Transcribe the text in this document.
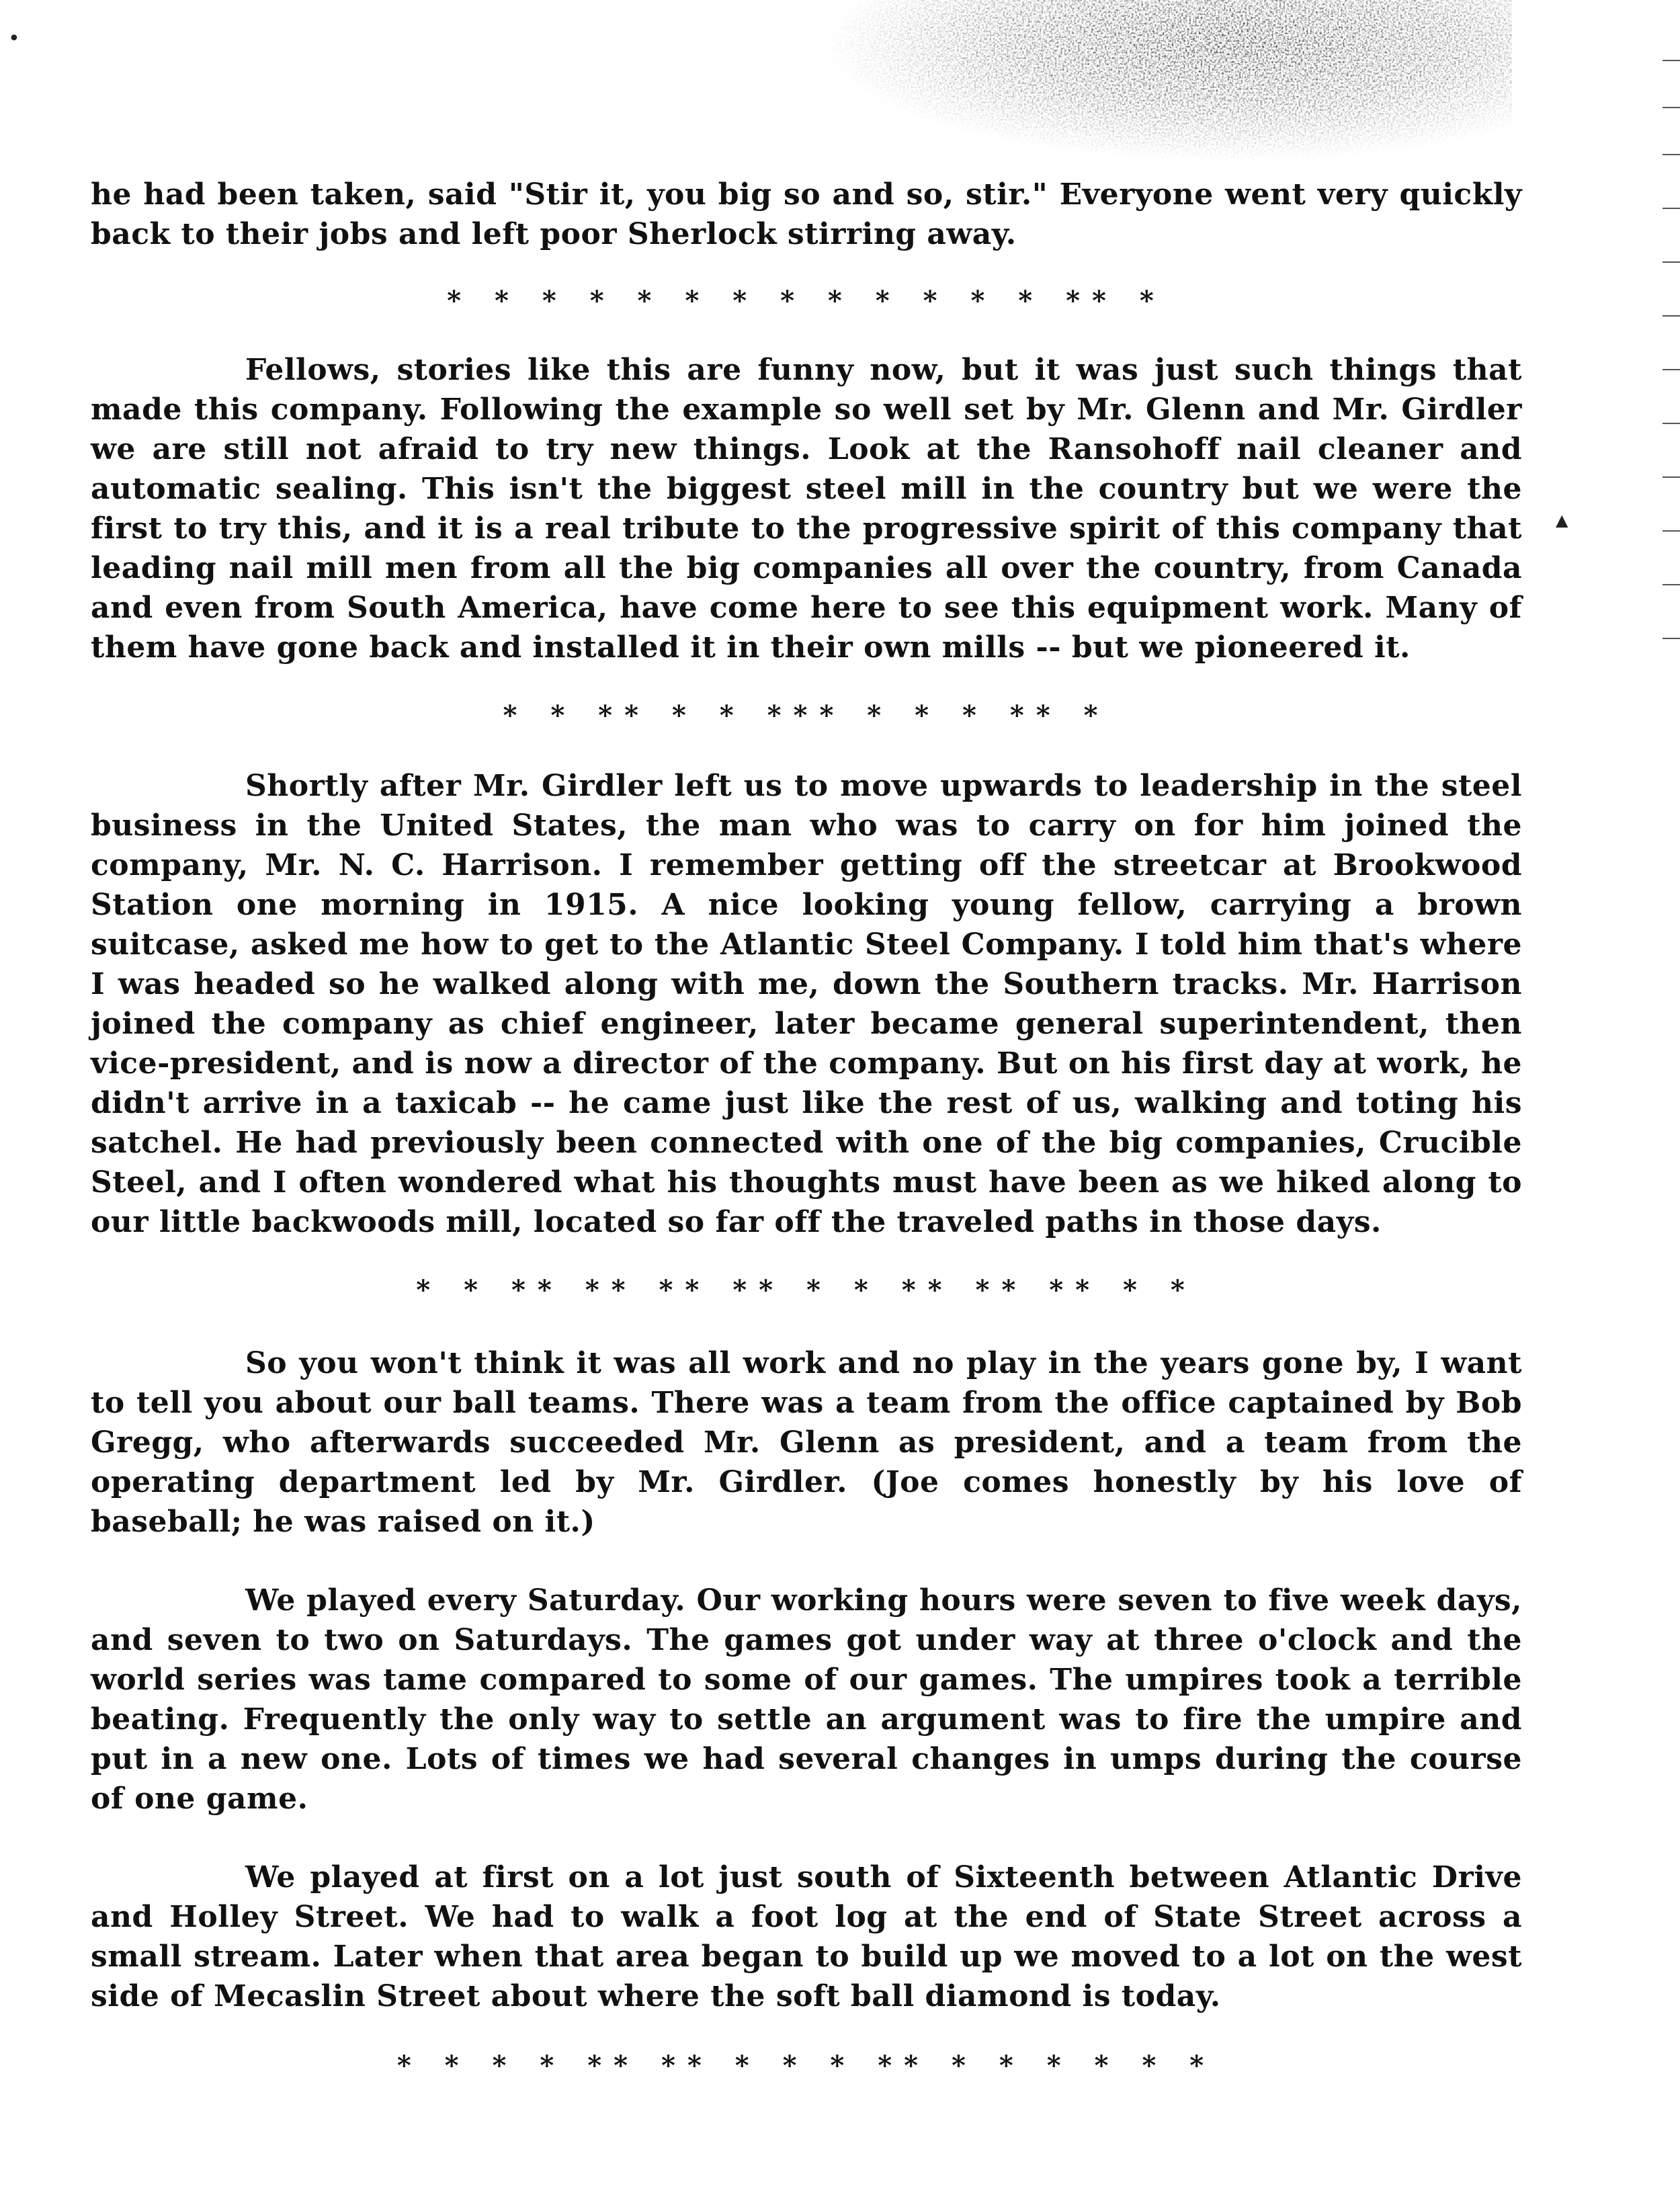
•
▲

he had been taken, said "Stir it, you big so and so, stir." Everyone went very quickly back to their jobs and left poor Sherlock stirring away.

* * * * * * * * * * * * * ** *

Fellows, stories like this are funny now, but it was just such things that made this company. Following the example so well set by Mr. Glenn and Mr. Girdler we are still not afraid to try new things. Look at the Ransohoff nail cleaner and automatic sealing. This isn't the biggest steel mill in the country but we were the first to try this, and it is a real tribute to the progressive spirit of this company that leading nail mill men from all the big companies all over the country, from Canada and even from South America, have come here to see this equipment work. Many of them have gone back and installed it in their own mills -- but we pioneered it.

* * ** * * *** * * * ** *

Shortly after Mr. Girdler left us to move upwards to leadership in the steel business in the United States, the man who was to carry on for him joined the company, Mr. N. C. Harrison. I remember getting off the streetcar at Brookwood Station one morning in 1915. A nice looking young fellow, carrying a brown suitcase, asked me how to get to the Atlantic Steel Company. I told him that's where I was headed so he walked along with me, down the Southern tracks. Mr. Harrison joined the company as chief engineer, later became general superintendent, then vice-president, and is now a director of the company. But on his first day at work, he didn't arrive in a taxicab -- he came just like the rest of us, walking and toting his satchel. He had previously been connected with one of the big companies, Crucible Steel, and I often wondered what his thoughts must have been as we hiked along to our little backwoods mill, located so far off the traveled paths in those days.

* * ** ** ** ** * * ** ** ** * *

So you won't think it was all work and no play in the years gone by, I want to tell you about our ball teams. There was a team from the office captained by Bob Gregg, who afterwards succeeded Mr. Glenn as president, and a team from the operating department led by Mr. Girdler. (Joe comes honestly by his love of baseball; he was raised on it.)

We played every Saturday. Our working hours were seven to five week days, and seven to two on Saturdays. The games got under way at three o'clock and the world series was tame compared to some of our games. The umpires took a terrible beating. Frequently the only way to settle an argument was to fire the umpire and put in a new one. Lots of times we had several changes in umps during the course of one game.

We played at first on a lot just south of Sixteenth between Atlantic Drive and Holley Street. We had to walk a foot log at the end of State Street across a small stream. Later when that area began to build up we moved to a lot on the west side of Mecaslin Street about where the soft ball diamond is today.

* * * * ** ** * * * ** * * * * * *
